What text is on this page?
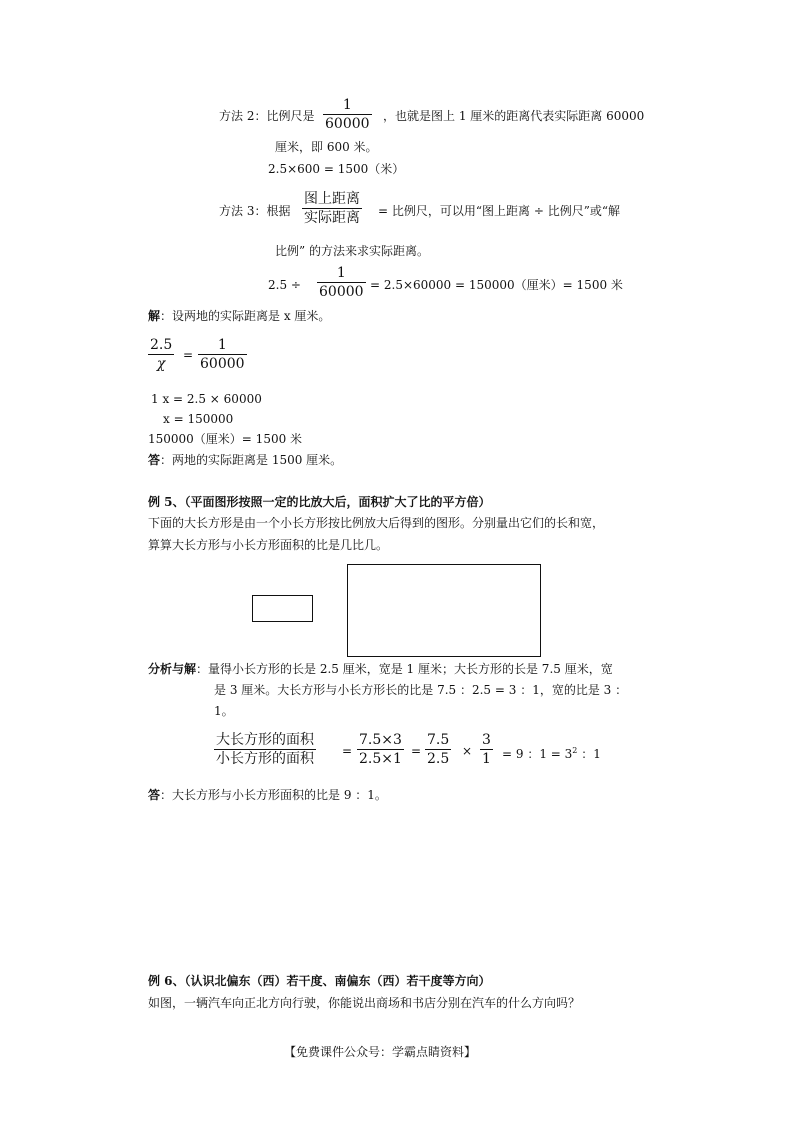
方法 2：比例尺是
1
60000 ，也就是图上 1 厘米的距离代表实际距离 60000
厘米，即 600 米。
2.5×600 = 1500（米）
方法 3：根据
图上距离
实际距离 = 比例尺，可以用“图上距离 ÷ 比例尺”或“解
比例” 的方法来求实际距离。
2.5 ÷
1
60000 = 2.5×60000 = 150000（厘米）= 1500 米
解：设两地的实际距离是 x 厘米。
2.5
χ
=
1
60000
1 x = 2.5 × 60000
x = 150000
150000（厘米）= 1500 米
答：两地的实际距离是 1500 厘米。
例 5、（平面图形按照一定的比放大后，面积扩大了比的平方倍）
下面的大长方形是由一个小长方形按比例放大后得到的图形。分别量出它们的长和宽，
算算大长方形与小长方形面积的比是几比几。
分析与解：量得小长方形的长是 2.5 厘米，宽是 1 厘米；大长方形的长是 7.5 厘米，宽
是 3 厘米。大长方形与小长方形长的比是 7.5 ：2.5 = 3 ：1，宽的比是 3 ：
1。
大长方形的面积
小长方形的面积 =
7.5×3
2.5×1 =
7.5
2.5 ×
3
1 = 9 ：$1 = 3^2$ ：1
答：大长方形与小长方形面积的比是 9 ：1。
例 6、（认识北偏东（西）若干度、南偏东（西）若干度等方向）
如图，一辆汽车向正北方向行驶，你能说出商场和书店分别在汽车的什么方向吗？
【免费课件公众号：学霸点睛资料】
